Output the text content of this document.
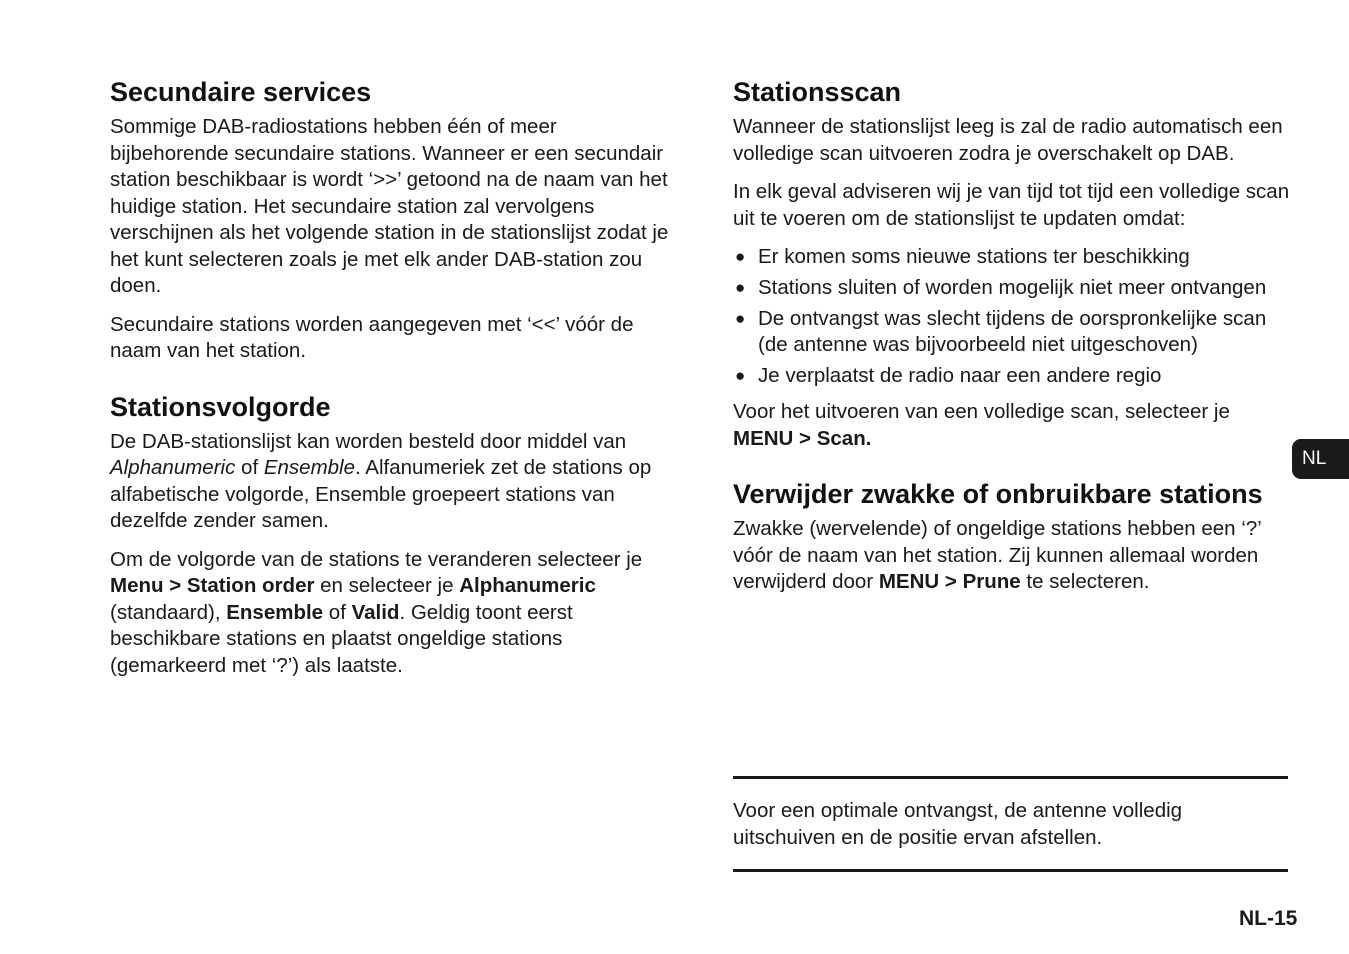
Secundaire services

Sommige DAB-radiostations hebben één of meer bijbehorende secundaire stations. Wanneer er een secundair station beschikbaar is wordt ‘>>’ getoond na de naam van het huidige station. Het secundaire station zal vervolgens verschijnen als het volgende station in de stationslijst zodat je het kunt selecteren zoals je met elk ander DAB-station zou doen.

Secundaire stations worden aangegeven met ‘<<’ vóór de naam van het station.

Stationsvolgorde

De DAB-stationslijst kan worden besteld door middel van Alphanumeric of Ensemble. Alfanumeriek zet de stations op alfabetische volgorde, Ensemble groepeert stations van dezelfde zender samen.

Om de volgorde van de stations te veranderen selecteer je Menu > Station order en selecteer je Alphanumeric (standaard), Ensemble of Valid. Geldig toont eerst beschikbare stations en plaatst ongeldige stations (gemarkeerd met ‘?’) als laatste.

Stationsscan

Wanneer de stationslijst leeg is zal de radio automatisch een volledige scan uitvoeren zodra je overschakelt op DAB.

In elk geval adviseren wij je van tijd tot tijd een volledige scan uit te voeren om de stationslijst te updaten omdat:

● Er komen soms nieuwe stations ter beschikking
● Stations sluiten of worden mogelijk niet meer ontvangen
● De ontvangst was slecht tijdens de oorspronkelijke scan (de antenne was bijvoorbeeld niet uitgeschoven)
● Je verplaatst de radio naar een andere regio

Voor het uitvoeren van een volledige scan, selecteer je MENU > Scan.

Verwijder zwakke of onbruikbare stations

Zwakke (wervelende) of ongeldige stations hebben een ‘?’ vóór de naam van het station. Zij kunnen allemaal worden verwijderd door MENU > Prune te selecteren.

Voor een optimale ontvangst, de antenne volledig uitschuiven en de positie ervan afstellen.

NL
NL-15
